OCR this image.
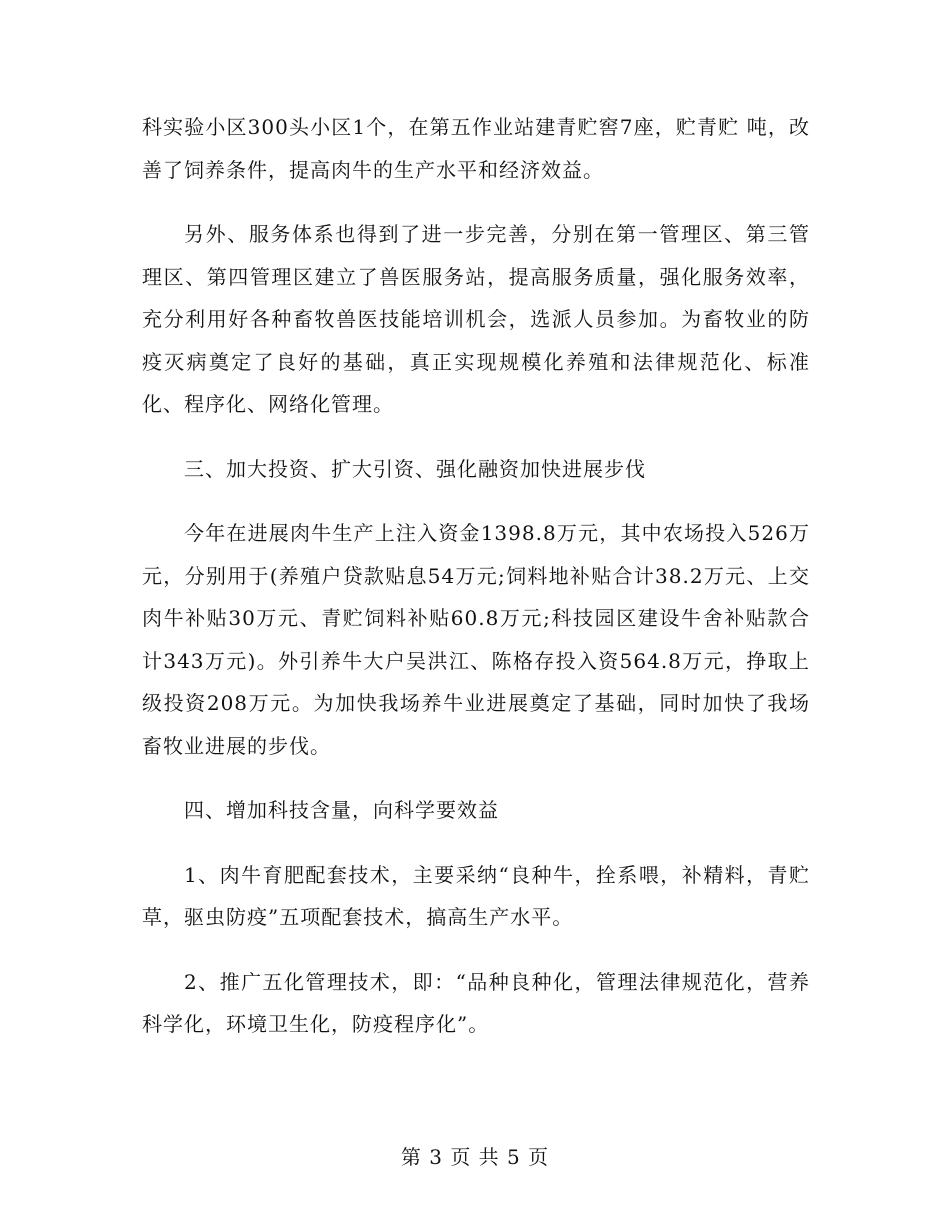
科实验小区300头小区1个，在第五作业站建青贮窖7座，贮青贮 吨，改善了饲养条件，提高肉牛的生产水平和经济效益。

另外、服务体系也得到了进一步完善，分别在第一管理区、第三管理区、第四管理区建立了兽医服务站，提高服务质量，强化服务效率，充分利用好各种畜牧兽医技能培训机会，选派人员参加。为畜牧业的防疫灭病奠定了良好的基础，真正实现规模化养殖和法律规范化、标准化、程序化、网络化管理。

三、加大投资、扩大引资、强化融资加快进展步伐

今年在进展肉牛生产上注入资金1398.8万元，其中农场投入526万元，分别用于(养殖户贷款贴息54万元;饲料地补贴合计38.2万元、上交肉牛补贴30万元、青贮饲料补贴60.8万元;科技园区建设牛舍补贴款合计343万元)。外引养牛大户吴洪江、陈格存投入资564.8万元，挣取上级投资208万元。为加快我场养牛业进展奠定了基础，同时加快了我场畜牧业进展的步伐。

四、增加科技含量，向科学要效益

1、肉牛育肥配套技术，主要采纳“良种牛，拴系喂，补精料，青贮草，驱虫防疫”五项配套技术，搞高生产水平。

2、推广五化管理技术，即：“品种良种化，管理法律规范化，营养科学化，环境卫生化，防疫程序化”。

第 3 页 共 5 页
